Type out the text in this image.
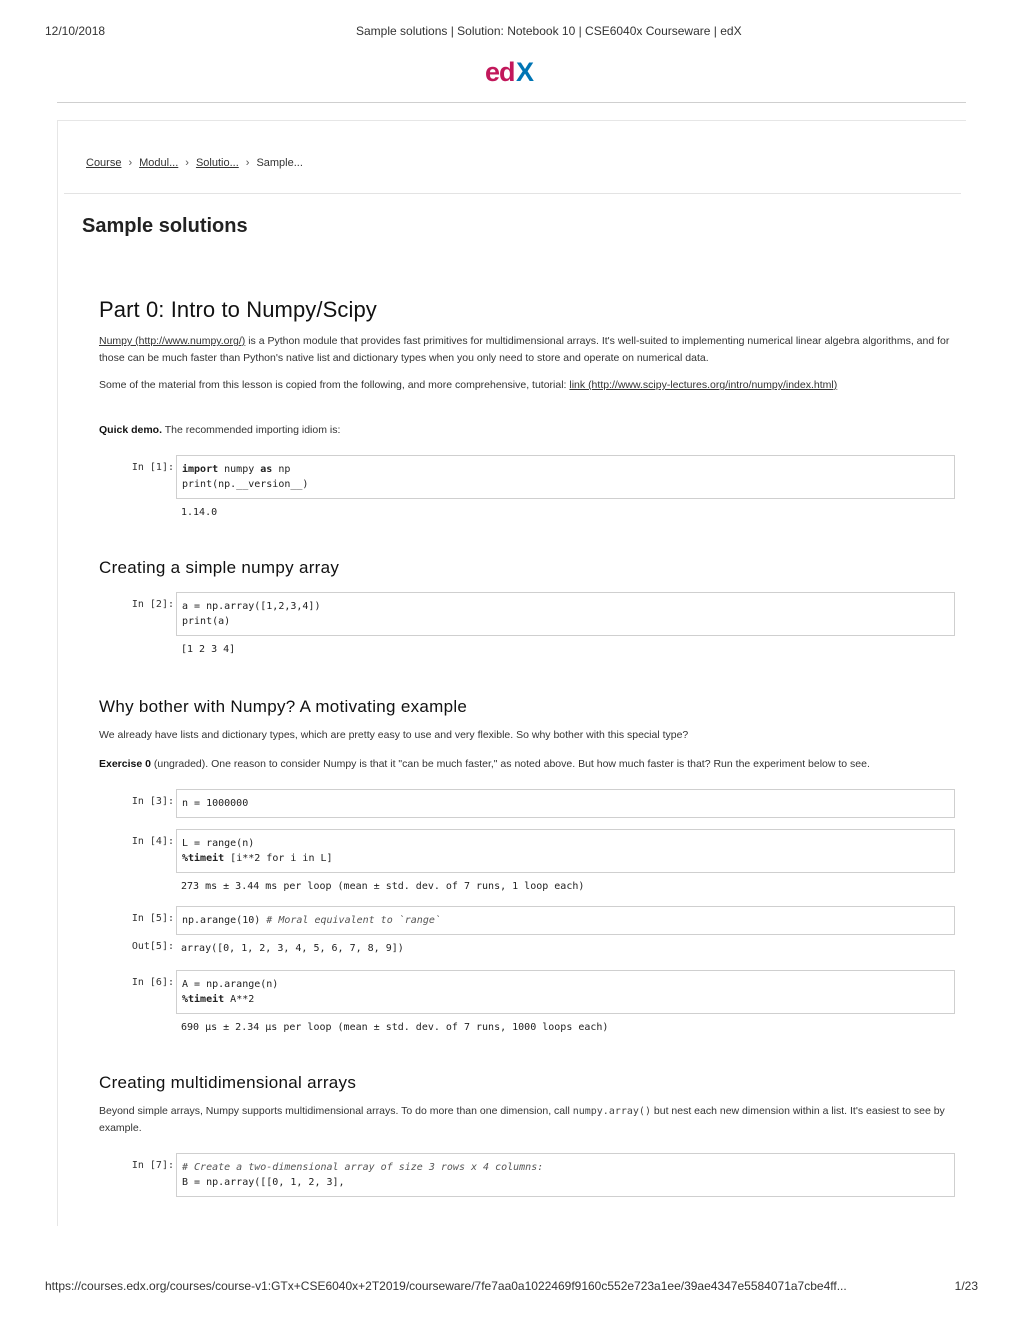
12/10/2018	Sample solutions | Solution: Notebook 10 | CSE6040x Courseware | edX
ed X
Course › Modul... › Solutio... › Sample...
Sample solutions
Part 0: Intro to Numpy/Scipy

Numpy (http://www.numpy.org/) is a Python module that provides fast primitives for multidimensional arrays. It's well-suited to implementing numerical linear algebra algorithms, and for those can be much faster than Python's native list and dictionary types when you only need to store and operate on numerical data.

Some of the material from this lesson is copied from the following, and more comprehensive, tutorial: link (http://www.scipy-lectures.org/intro/numpy/index.html)

Quick demo. The recommended importing idiom is:

In [1]: import numpy as np
print(np.__version__)
1.14.0
Creating a simple numpy array
In [2]: a = np.array([1,2,3,4])
print(a)
[1 2 3 4]
Why bother with Numpy? A motivating example

We already have lists and dictionary types, which are pretty easy to use and very flexible. So why bother with this special type?

Exercise 0 (ungraded). One reason to consider Numpy is that it "can be much faster," as noted above. But how much faster is that? Run the experiment below to see.

In [3]: n = 1000000
In [4]: L = range(n)
%timeit [i**2 for i in L]
273 ms ± 3.44 ms per loop (mean ± std. dev. of 7 runs, 1 loop each)
In [5]: np.arange(10) # Moral equivalent to `range`
Out[5]: array([0, 1, 2, 3, 4, 5, 6, 7, 8, 9])
In [6]: A = np.arange(n)
%timeit A**2
690 µs ± 2.34 µs per loop (mean ± std. dev. of 7 runs, 1000 loops each)
Creating multidimensional arrays

Beyond simple arrays, Numpy supports multidimensional arrays. To do more than one dimension, call numpy.array() but nest each new dimension within a list. It's easiest to see by example.

In [7]: # Create a two-dimensional array of size 3 rows x 4 columns:
B = np.array([[0, 1, 2, 3],
https://courses.edx.org/courses/course-v1:GTx+CSE6040x+2T2019/courseware/7fe7aa0a1022469f9160c552e723a1ee/39ae4347e5584071a7cbe4ff...	1/23
